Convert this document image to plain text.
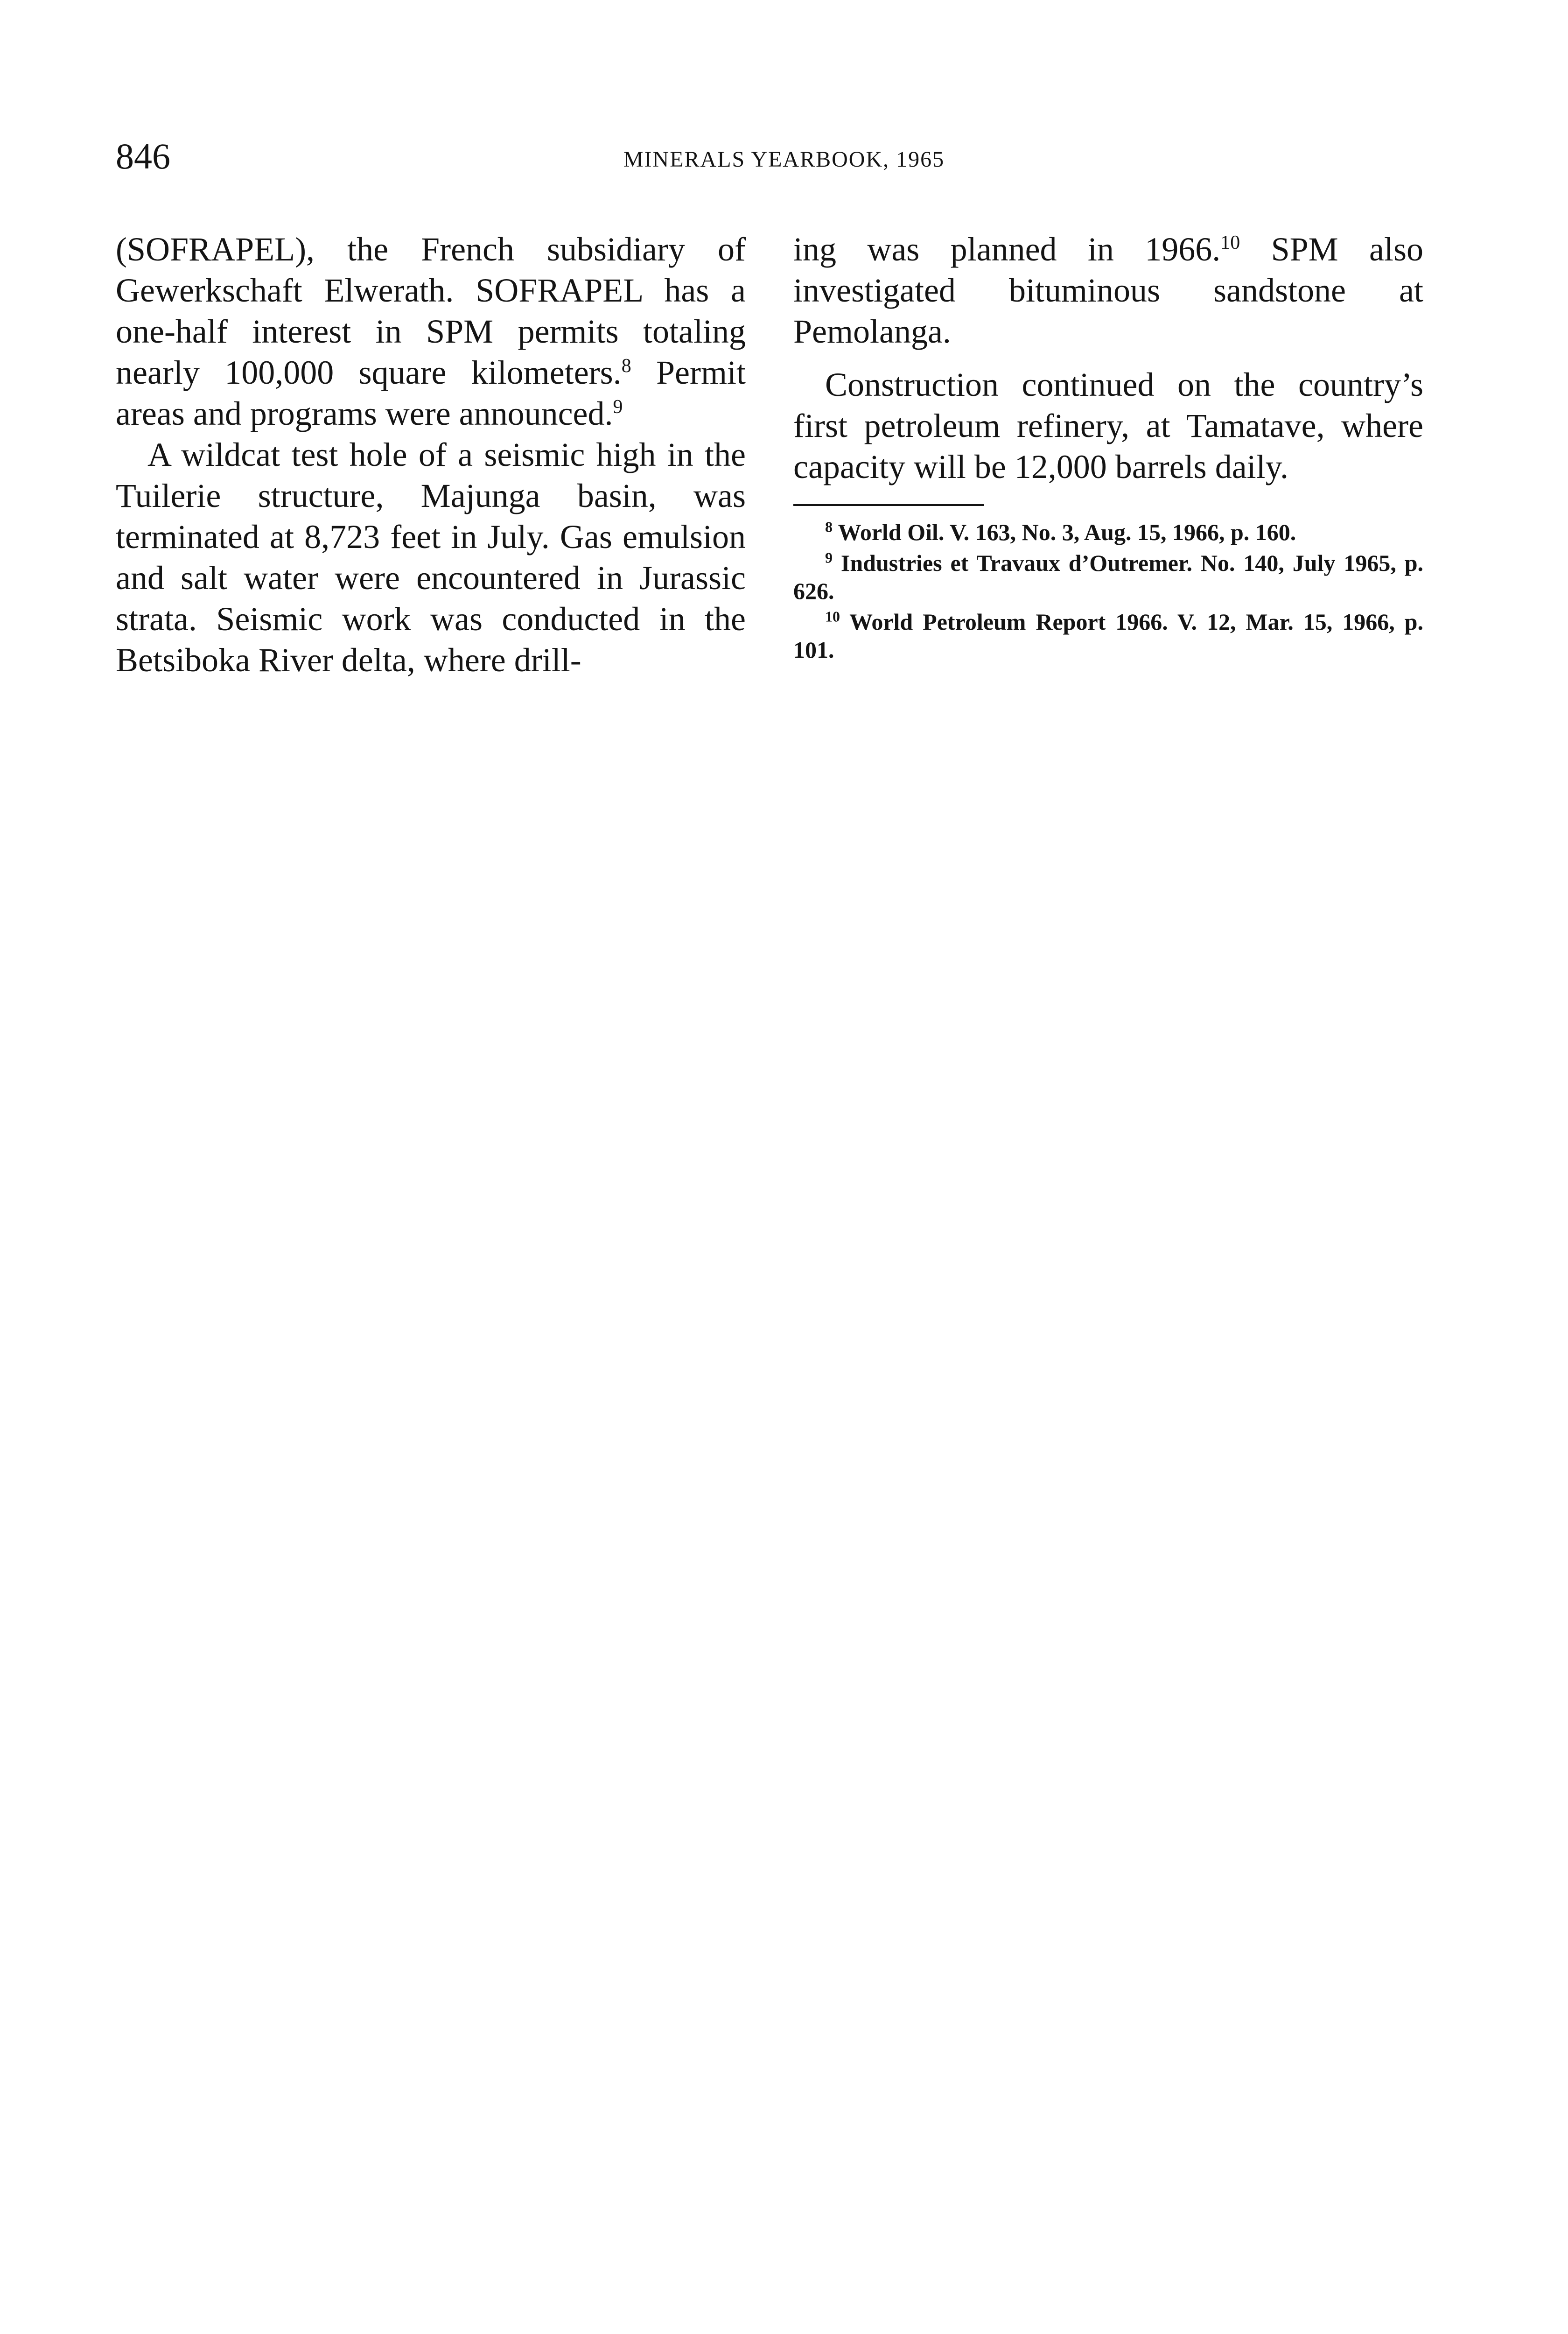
846	MINERALS YEARBOOK, 1965

(SOFRAPEL), the French subsidiary of Gewerkschaft Elwerath. SOFRAPEL has a one-half interest in SPM permits totaling nearly 100,000 square kilometers.$^8$ Permit areas and programs were announced.$^9$

A wildcat test hole of a seismic high in the Tuilerie structure, Majunga basin, was terminated at 8,723 feet in July. Gas emulsion and salt water were encountered in Jurassic strata. Seismic work was conducted in the Betsiboka River delta, where drill-

ing was planned in 1966.10 SPM also investigated bituminous sandstone at Pemolanga.

Construction continued on the country’s first petroleum refinery, at Tamatave, where capacity will be 12,000 barrels daily.

$^8$ World Oil. V. 163, No. 3, Aug. 15, 1966, p. 160.

$^9$ Industries et Travaux d’Outremer. No. 140, July 1965, p. 626.

$^{10}$ World Petroleum Report 1966. V. 12, Mar. 15, 1966, p. 101.
